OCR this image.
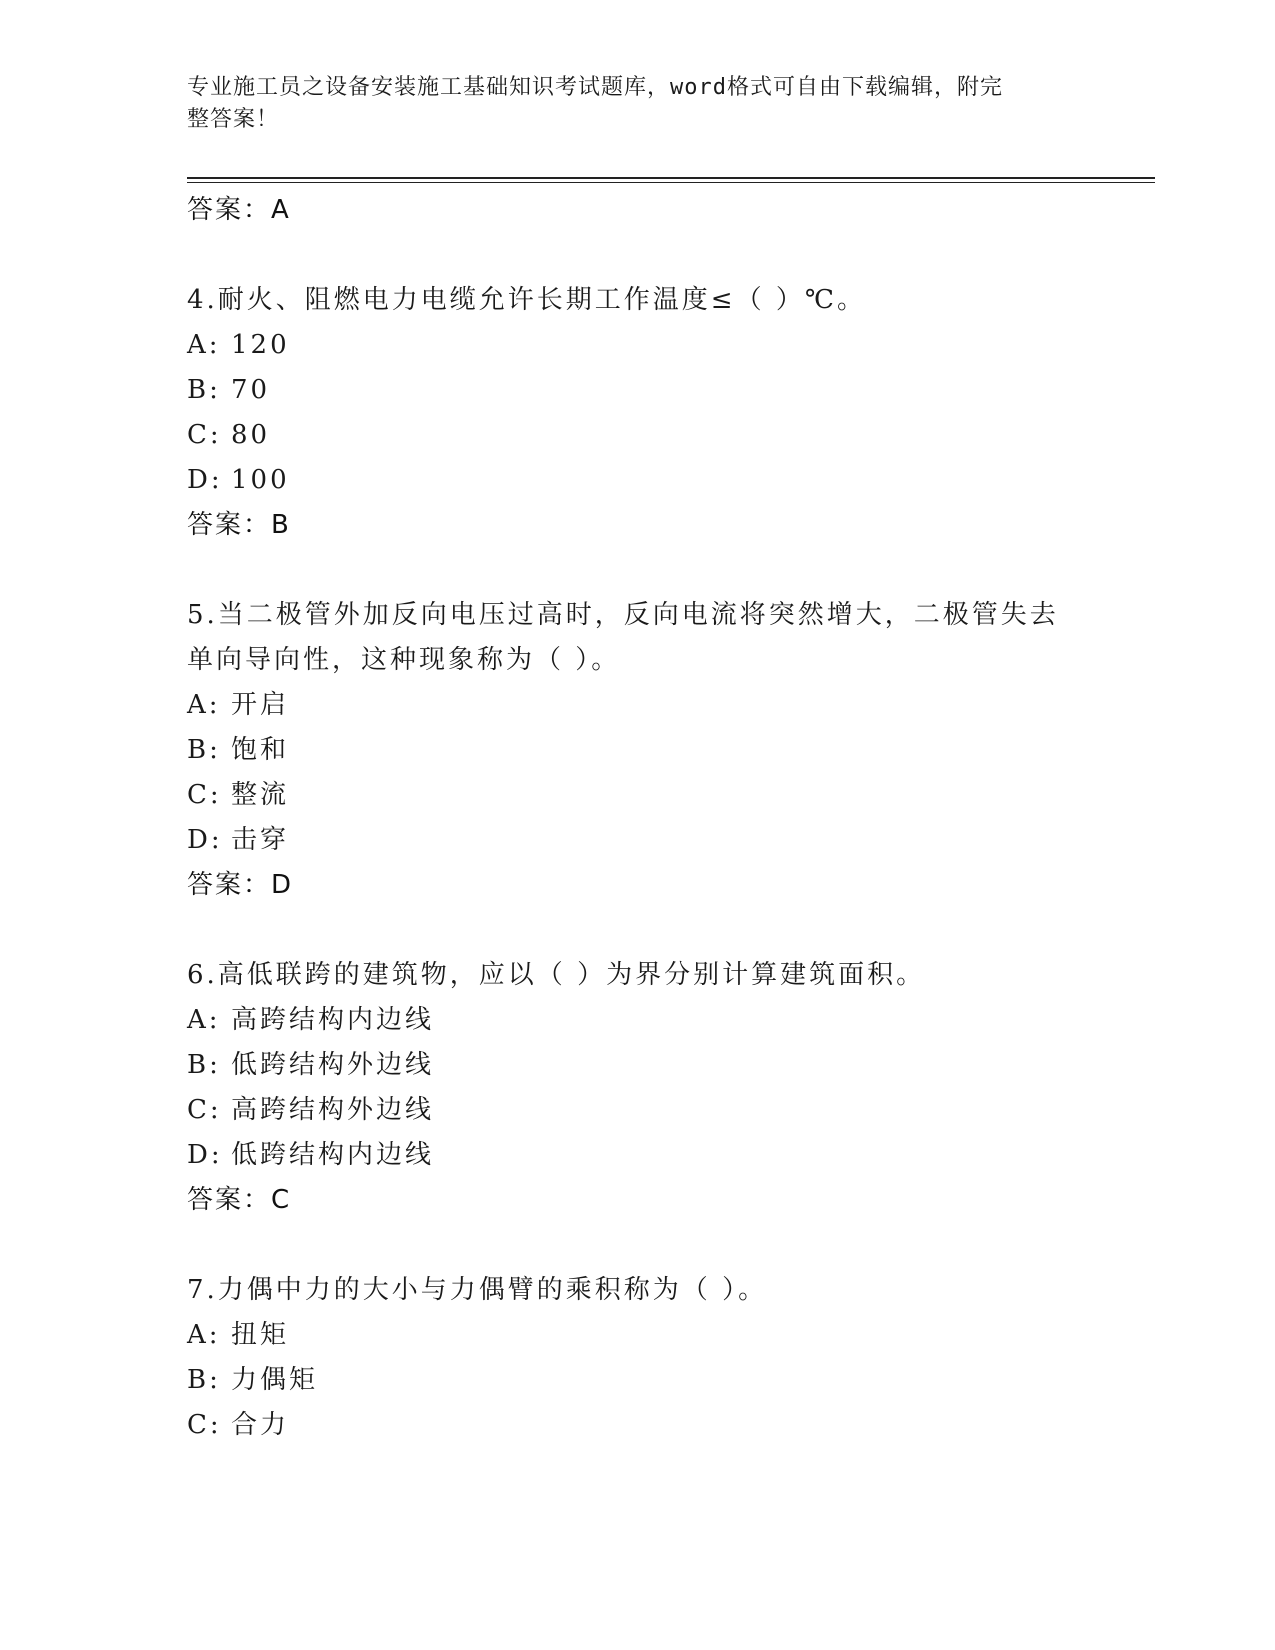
专业施工员之设备安装施工基础知识考试题库，word格式可自由下载编辑，附完
整答案！
答案：A
4.耐火、阻燃电力电缆允许长期工作温度≤（ ）℃。
A: 120
B: 70
C: 80
D: 100
答案：B
5.当二极管外加反向电压过高时，反向电流将突然增大，二极管失去
单向导向性，这种现象称为（ ）。
A: 开启
B: 饱和
C: 整流
D: 击穿
答案：D
6.高低联跨的建筑物，应以（ ）为界分别计算建筑面积。
A: 高跨结构内边线
B: 低跨结构外边线
C: 高跨结构外边线
D: 低跨结构内边线
答案：C
7.力偶中力的大小与力偶臂的乘积称为（ ）。
A: 扭矩
B: 力偶矩
C: 合力
